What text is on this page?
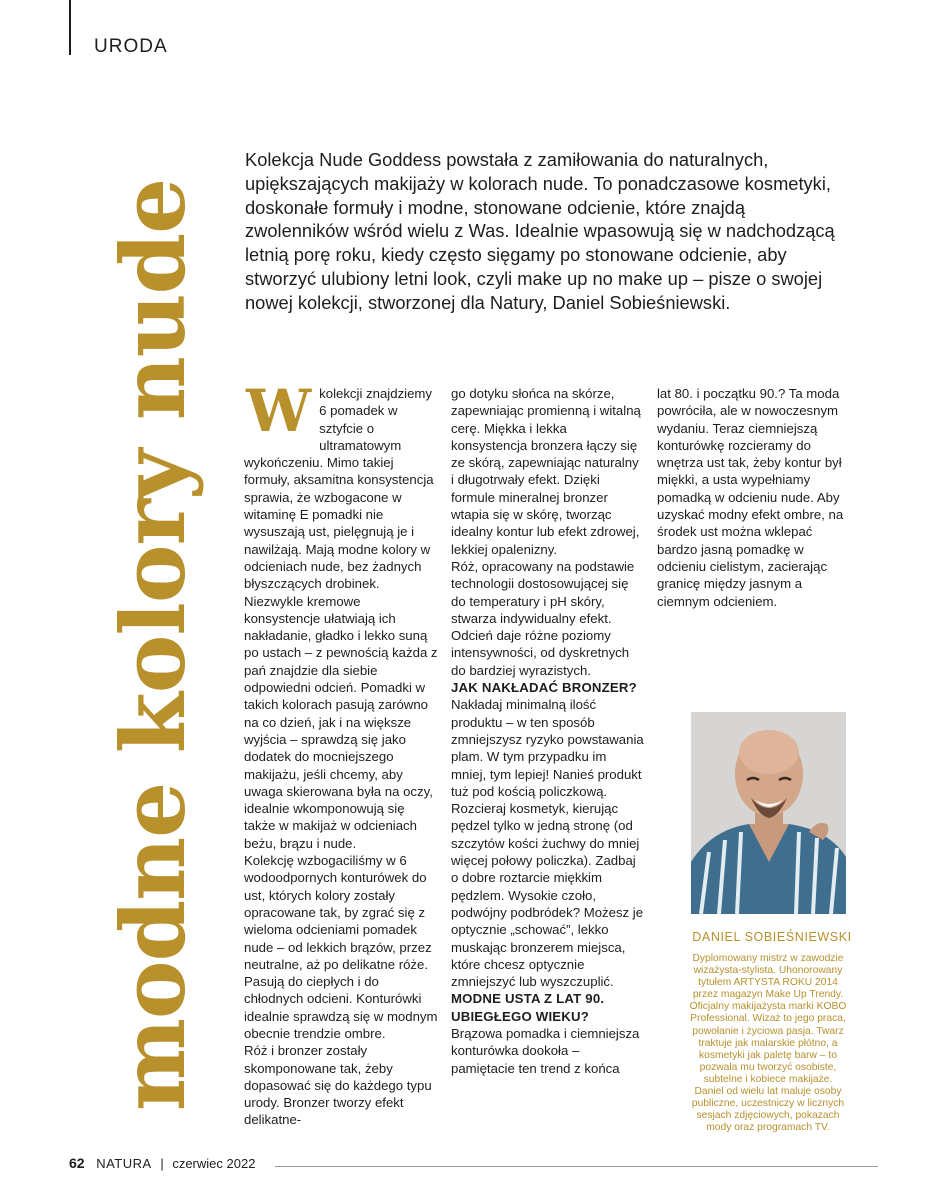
URODA
modne kolory nude
Kolekcja Nude Goddess powstała z zamiłowania do naturalnych, upiększających makijaży w kolorach nude. To ponadczasowe kosmetyki, doskonałe formuły i modne, stonowane odcienie, które znajdą zwolenników wśród wielu z Was. Idealnie wpasowują się w nadchodzącą letnią porę roku, kiedy często sięgamy po stonowane odcienie, aby stworzyć ulubiony letni look, czyli make up no make up – pisze o swojej nowej kolekcji, stworzonej dla Natury, Daniel Sobieśniewski.
W kolekcji znajdziemy 6 pomadek w sztyfcie o ultramatowym wykończeniu. Mimo takiej formuły, aksamitna konsystencja sprawia, że wzbogacone w witaminę E pomadki nie wysuszają ust, pielęgnują je i nawilżają. Mają modne kolory w odcieniach nude, bez żadnych błyszczących drobinek. Niezwykle kremowe konsystencje ułatwiają ich nakładanie, gładko i lekko suną po ustach – z pewnością każda z pań znajdzie dla siebie odpowiedni odcień. Pomadki w takich kolorach pasują zarówno na co dzień, jak i na większe wyjścia – sprawdzą się jako dodatek do mocniejszego makijażu, jeśli chcemy, aby uwaga skierowana była na oczy, idealnie wkomponowują się także w makijaż w odcieniach beżu, brązu i nude.

Kolekcję wzbogaciliśmy w 6 wodoodpornych konturówek do ust, których kolory zostały opracowane tak, by zgrać się z wieloma odcieniami pomadek nude – od lekkich brązów, przez neutralne, aż po delikatne róże. Pasują do ciepłych i do chłodnych odcieni. Konturówki idealnie sprawdzą się w modnym obecnie trendzie ombre.

Róż i bronzer zostały skomponowane tak, żeby dopasować się do każdego typu urody. Bronzer tworzy efekt delikatne-

go dotyku słońca na skórze, zapewniając promienną i witalną cerę. Miękka i lekka konsystencja bronzera łączy się ze skórą, zapewniając naturalny i długotrwały efekt. Dzięki formule mineralnej bronzer wtapia się w skórę, tworząc idealny kontur lub efekt zdrowej, lekkiej opalenizny.

Róż, opracowany na podstawie technologii dostosowującej się do temperatury i pH skóry, stwarza indywidualny efekt. Odcień daje różne poziomy intensywności, od dyskretnych do bardziej wyrazistych.

JAK NAKŁADAĆ BRONZER?

Nakładaj minimalną ilość produktu – w ten sposób zmniejszysz ryzyko powstawania plam. W tym przypadku im mniej, tym lepiej! Nanieś produkt tuż pod kością policzkową. Rozcieraj kosmetyk, kierując pędzel tylko w jedną stronę (od szczytów kości żuchwy do mniej więcej połowy policzka). Zadbaj o dobre roztarcie miękkim pędzlem. Wysokie czoło, podwójny podbródek? Możesz je optycznie „schować”, lekko muskając bronzerem miejsca, które chcesz optycznie zmniejszyć lub wyszczuplić.

MODNE USTA Z LAT 90. UBIEGŁEGO WIEKU?

Brązowa pomadka i ciemniejsza konturówka dookoła – pamiętacie ten trend z końca

lat 80. i początku 90.? Ta moda powróciła, ale w nowoczesnym wydaniu. Teraz ciemniejszą konturówkę rozcieramy do wnętrza ust tak, żeby kontur był miękki, a usta wypełniamy pomadką w odcieniu nude. Aby uzyskać modny efekt ombre, na środek ust można wklepać bardzo jasną pomadkę w odcieniu cielistym, zacierając granicę między jasnym a ciemnym odcieniem.

DANIEL SOBIEŚNIEWSKI
Dyplomowany mistrz w zawodzie wizażysta-stylista. Uhonorowany tytułem ARTYSTA ROKU 2014 przez magazyn Make Up Trendy. Oficjalny makijażysta marki KOBO Professional. Wizaż to jego praca, powołanie i życiowa pasja. Twarz traktuje jak malarskie płótno, a kosmetyki jak paletę barw – to pozwala mu tworzyć osobiste, subtelne i kobiece makijaże. Daniel od wielu lat maluje osoby publiczne, uczestniczy w licznych sesjach zdjęciowych, pokazach mody oraz programach TV.
62 NATURA | czerwiec 2022
